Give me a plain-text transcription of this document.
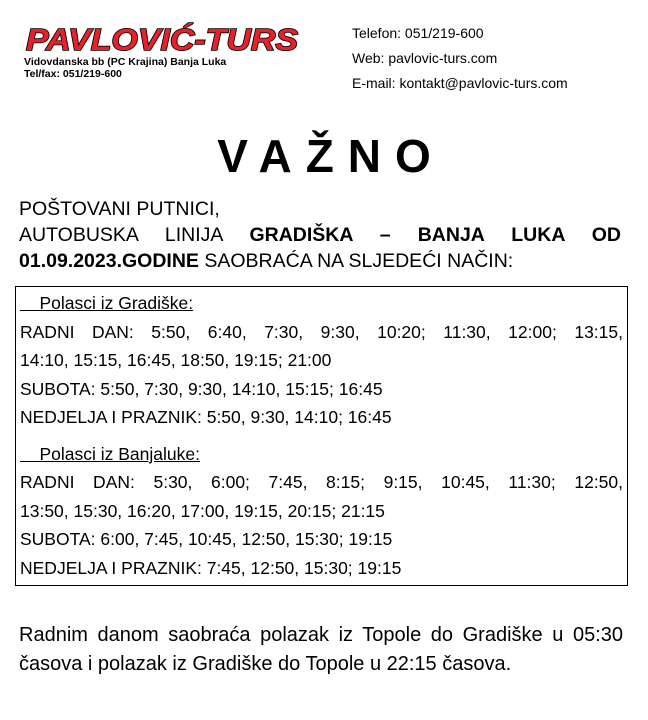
PAVLOVIĆ-TURS
Vidovdanska bb (PC Krajina) Banja Luka
Tel/fax: 051/219-600
Telefon: 051/219-600
Web: pavlovic-turs.com
E-mail: kontakt@pavlovic-turs.com
VAŽNO
POŠTOVANI PUTNICI,
AUTOBUSKA LINIJA GRADIŠKA – BANJA LUKA OD
01.09.2023.GODINE SAOBRAĆA NA SLJEDEĆI NAČIN:
Polasci iz Gradiške:
RADNI DAN: 5:50, 6:40, 7:30, 9:30, 10:20; 11:30, 12:00; 13:15,
14:10, 15:15, 16:45, 18:50, 19:15; 21:00
SUBOTA: 5:50, 7:30, 9:30, 14:10, 15:15; 16:45
NEDJELJA I PRAZNIK: 5:50, 9:30, 14:10; 16:45
Polasci iz Banjaluke:
RADNI DAN: 5:30, 6:00; 7:45, 8:15; 9:15, 10:45, 11:30; 12:50,
13:50, 15:30, 16:20, 17:00, 19:15, 20:15; 21:15
SUBOTA: 6:00, 7:45, 10:45, 12:50, 15:30; 19:15
NEDJELJA I PRAZNIK: 7:45, 12:50, 15:30; 19:15
Radnim danom saobraća polazak iz Topole do Gradiške u 05:30 časova i polazak iz Gradiške do Topole u 22:15 časova.
